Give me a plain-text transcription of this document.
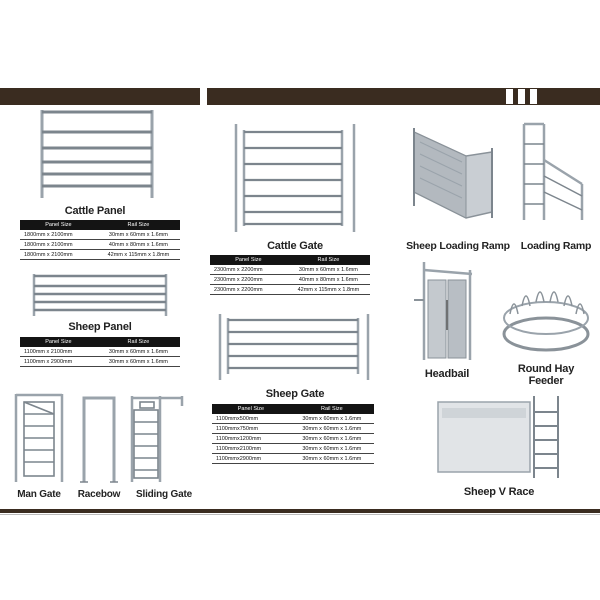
Cattle Panel
Panel Size	Rail Size
1800mm x 2100mm	30mm x 60mm x 1.6mm
1800mm x 2100mm	40mm x 80mm x 1.6mm
1800mm x 2100mm	42mm x 115mm x 1.8mm
Sheep Panel
Panel Size	Rail Size
1100mm x 2100mm	30mm x 60mm x 1.6mm
1100mm x 2900mm	30mm x 60mm x 1.6mm
Man Gate	Racebow	Sliding Gate
Cattle Gate
Panel Size	Rail Size
2300mm x 2200mm	30mm x 60mm x 1.6mm
2300mm x 2200mm	40mm x 80mm x 1.6mm
2300mm x 2200mm	42mm x 115mm x 1.8mm
Sheep Gate
Panel Size	Rail Size
1100mmx500mm	30mm x 60mm x 1.6mm
1100mmx750mm	30mm x 60mm x 1.6mm
1100mmx1200mm	30mm x 60mm x 1.6mm
1100mmx2100mm	30mm x 60mm x 1.6mm
1100mmx2900mm	30mm x 60mm x 1.6mm
Sheep Loading Ramp Loading Ramp
Headbail	Round Hay
Feeder
Sheep V Race
